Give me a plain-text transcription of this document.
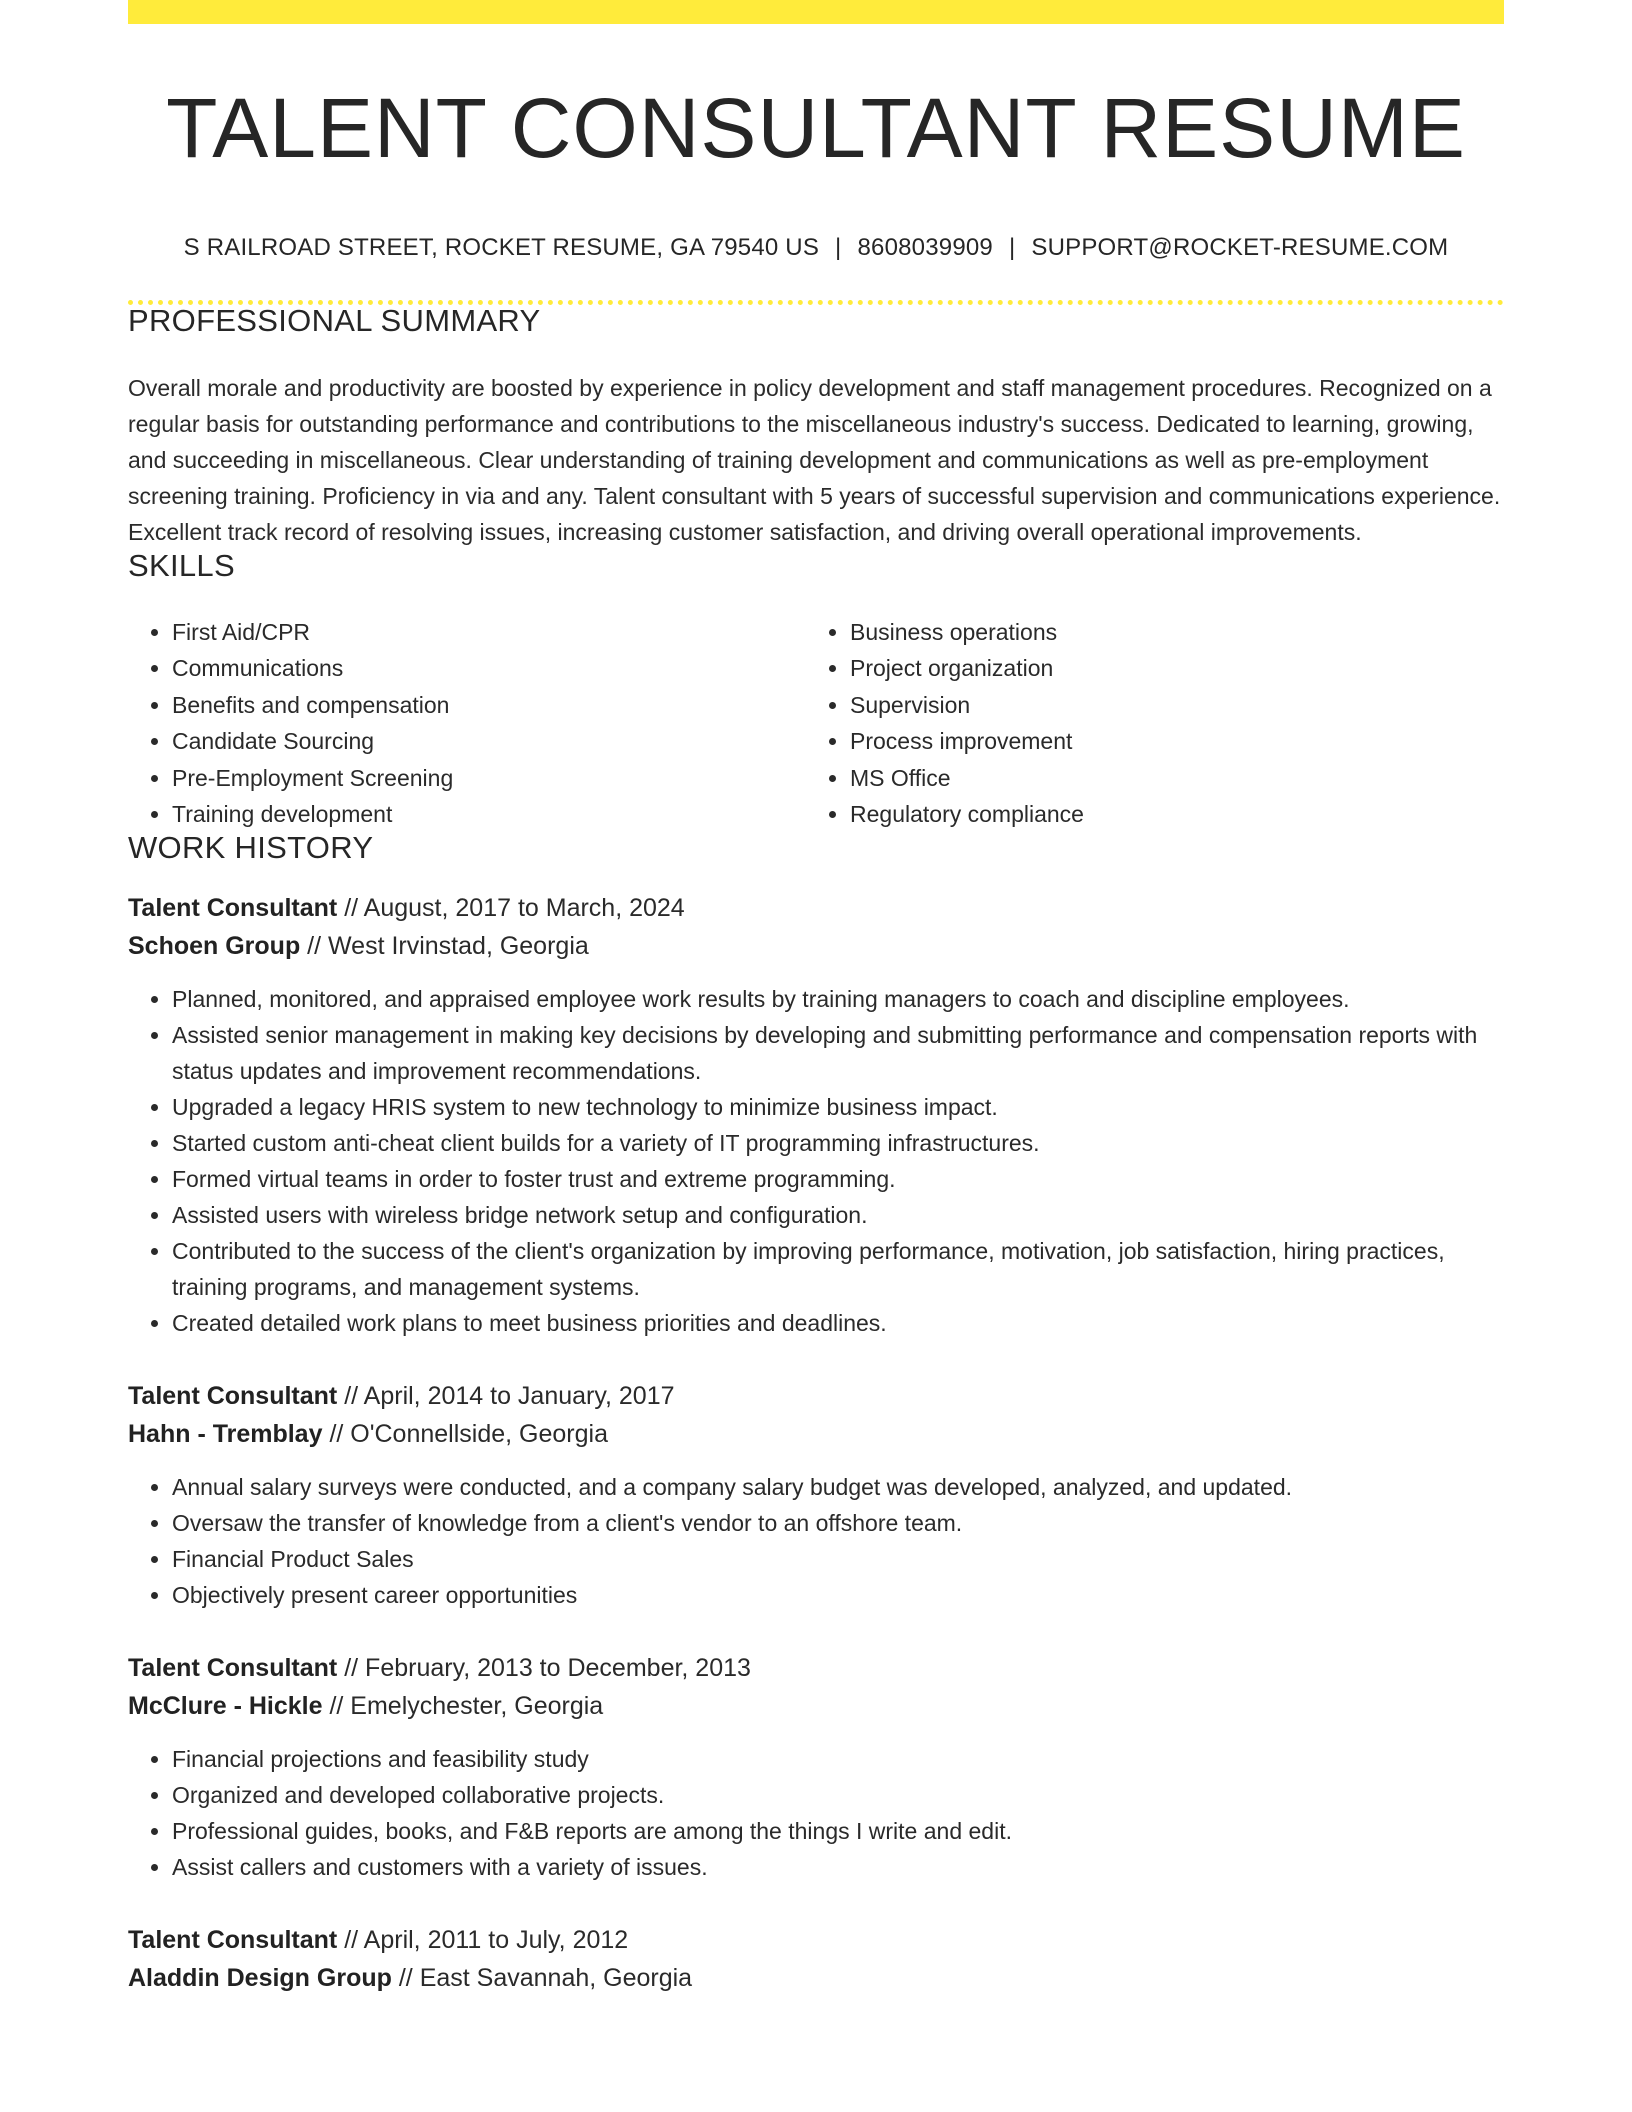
TALENT CONSULTANT RESUME
S RAILROAD STREET, ROCKET RESUME, GA 79540 US | 8608039909 | SUPPORT@ROCKET-RESUME.COM
PROFESSIONAL SUMMARY

Overall morale and productivity are boosted by experience in policy development and staff management procedures. Recognized on a regular basis for outstanding performance and contributions to the miscellaneous industry's success. Dedicated to learning, growing, and succeeding in miscellaneous. Clear understanding of training development and communications as well as pre-employment screening training. Proficiency in via and any. Talent consultant with 5 years of successful supervision and communications experience. Excellent track record of resolving issues, increasing customer satisfaction, and driving overall operational improvements.

SKILLS
• First Aid/CPR
• Communications
• Benefits and compensation
• Candidate Sourcing
• Pre-Employment Screening
• Training development
• Business operations
• Project organization
• Supervision
• Process improvement
• MS Office
• Regulatory compliance
WORK HISTORY
Talent Consultant // August, 2017 to March, 2024
Schoen Group // West Irvinstad, Georgia
• Planned, monitored, and appraised employee work results by training managers to coach and discipline employees.
• Assisted senior management in making key decisions by developing and submitting performance and compensation reports with status updates and improvement recommendations.
• Upgraded a legacy HRIS system to new technology to minimize business impact.
• Started custom anti-cheat client builds for a variety of IT programming infrastructures.
• Formed virtual teams in order to foster trust and extreme programming.
• Assisted users with wireless bridge network setup and configuration.
• Contributed to the success of the client's organization by improving performance, motivation, job satisfaction, hiring practices, training programs, and management systems.
• Created detailed work plans to meet business priorities and deadlines.
Talent Consultant // April, 2014 to January, 2017
Hahn - Tremblay // O'Connellside, Georgia
• Annual salary surveys were conducted, and a company salary budget was developed, analyzed, and updated.
• Oversaw the transfer of knowledge from a client's vendor to an offshore team.
• Financial Product Sales
• Objectively present career opportunities
Talent Consultant // February, 2013 to December, 2013
McClure - Hickle // Emelychester, Georgia
• Financial projections and feasibility study
• Organized and developed collaborative projects.
• Professional guides, books, and F&B reports are among the things I write and edit.
• Assist callers and customers with a variety of issues.
Talent Consultant // April, 2011 to July, 2012
Aladdin Design Group // East Savannah, Georgia
